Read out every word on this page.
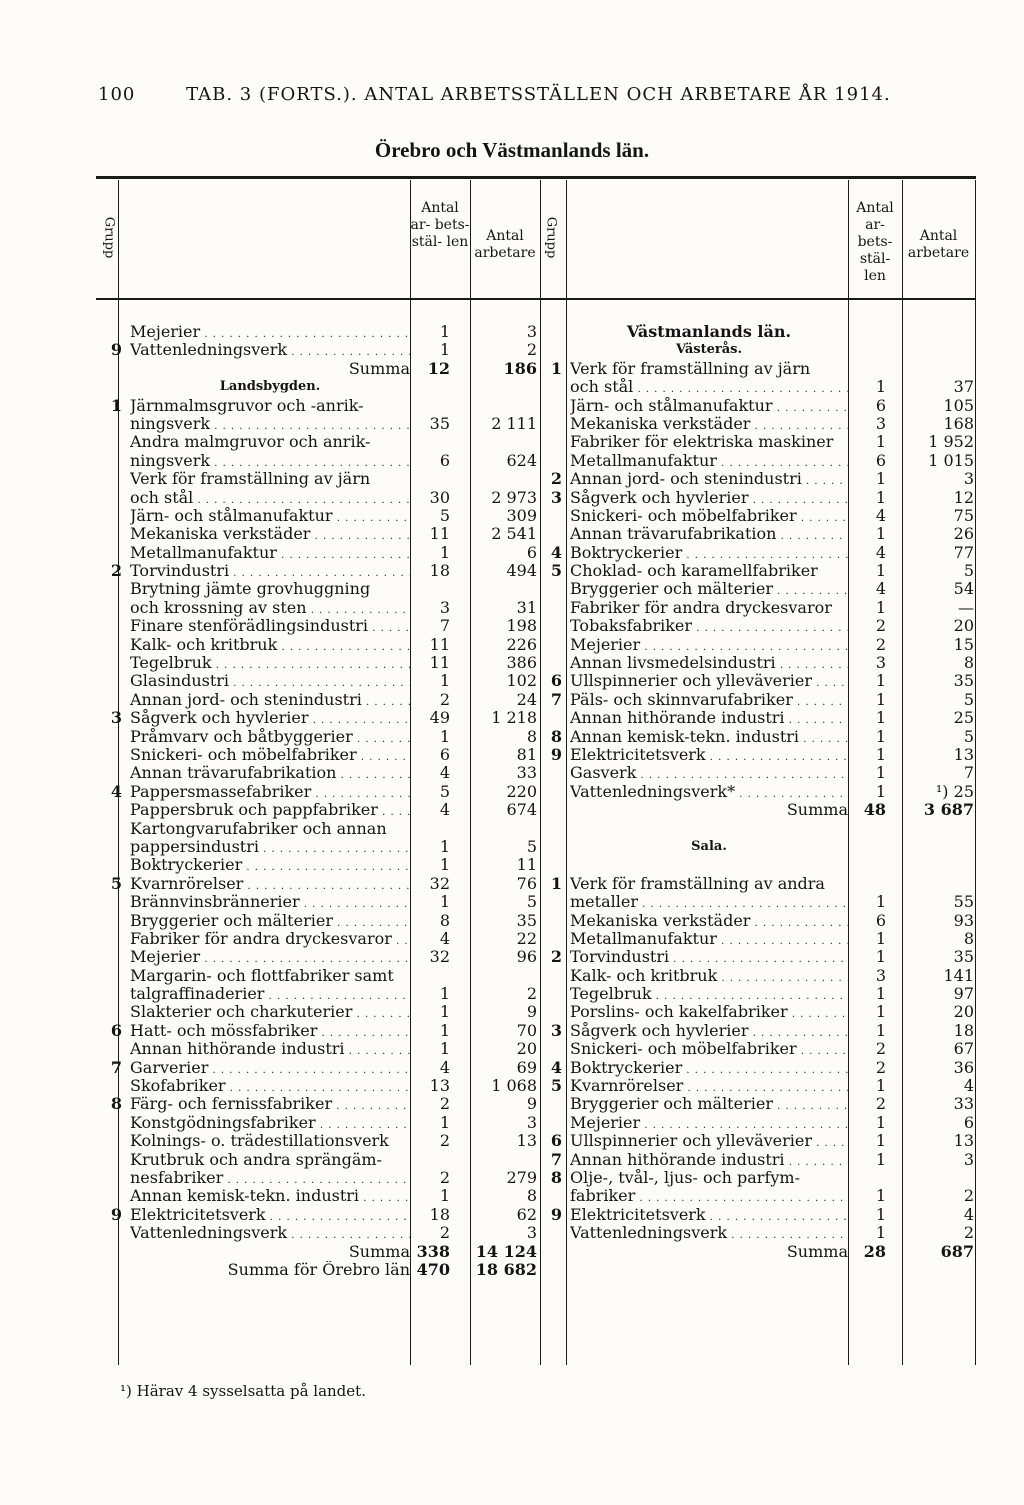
100	TAB. 3 (FORTS.). ANTAL ARBETSSTÄLLEN OCH ARBETARE ÅR 1914.
Örebro och Västmanlands län.
Grupp
Antal ar- bets- stäl- len	Antal arbetare Grupp
Antal ar- bets- stäl- len
Antal arbetare
Mejerier . . .	1	3
9 Vattenledningsverk . . .	1	2
Summa	12	186
Landsbygden.
1 Järnmalmsgruvor och -anrik-
ningsverk . . .	35	2 111
Andra malmgruvor och anrik-
ningsverk . . .	6	624
Verk för framställning av järn
och stål . . .	30	2 973
Järn- och stålmanufaktur . . .	5	309
Mekaniska verkstäder . . .	11	2 541
Metallmanufaktur . . .	1	6
2 Torvindustri . . .	18	494
Brytning jämte grovhuggning
och krossning av sten . . .	3	31
Finare stenförädlingsindustri . . .	7	198
Kalk- och kritbruk . . .	11	226
Tegelbruk . . .	11	386
Glasindustri . . .	1	102
Annan jord- och stenindustri . . .	2	24
3 Sågverk och hyvlerier . . .	49	1 218
Pråmvarv och båtbyggerier . . .	1	8
Snickeri- och möbelfabriker . . .	6	81
Annan trävarufabrikation . . .	4	33
4 Pappersmassefabriker . . .	5	220
Pappersbruk och pappfabriker . . .	4	674
Kartongvarufabriker och annan
pappersindustri . . .	1	5
Boktryckerier . . .	1	11
5 Kvarnrörelser . . .	32	76
Brännvinsbrännerier . . .	1	5
Bryggerier och mälterier . . .	8	35
Fabriker för andra dryckesvaror . . .	4	22
Mejerier . . .	32	96
Margarin- och flottfabriker samt
talgraffinaderier . . .	1	2
Slakterier och charkuterier . . .	1	9
6 Hatt- och mössfabriker . . .	1	70
Annan hithörande industri . . .	1	20
7 Garverier . . .	4	69
Skofabriker . . .	13	1 068
8 Färg- och fernissfabriker . . .	2	9
Konstgödningsfabriker . . .	1	3
Kolnings- o. trädestillationsverk	2	13
Krutbruk och andra sprängäm-
nesfabriker . . .	2	279
Annan kemisk-tekn. industri . . .	1	8
9 Elektricitetsverk . . .	18	62
Vattenledningsverk . . .	2	3
Summa 338	14 124
Summa för Örebro län 470	18 682
Västmanlands län.
Västerås.
1 Verk för framställning av järn
och stål . . .	1	37
Järn- och stålmanufaktur . . .	6	105
Mekaniska verkstäder . . .	3	168
Fabriker för elektriska maskiner	1	1 952
Metallmanufaktur . . .	6	1 015
2 Annan jord- och stenindustri . . .	1	3
3 Sågverk och hyvlerier . . .	1	12
Snickeri- och möbelfabriker . . .	4	75
Annan trävarufabrikation . . .	1	26
4 Boktryckerier . . .	4	77
5 Choklad- och karamellfabriker	1	5
Bryggerier och mälterier . . .	4	54
Fabriker för andra dryckesvaror	1	—
Tobaksfabriker . . .	2	20
Mejerier . . .	2	15
Annan livsmedelsindustri . . .	3	8
6 Ullspinnerier och ylleväverier . . .	1	35
7 Päls- och skinnvarufabriker . . .	1	5
Annan hithörande industri . . .	1	25
8 Annan kemisk-tekn. industri . . .	1	5
9 Elektricitetsverk . . .	1	13
Gasverk . . .	1	7
Vattenledningsverk* . . .	1	¹) 25
Summa 48	3 687
Sala.
1 Verk för framställning av andra
metaller . . .	1	55
Mekaniska verkstäder . . .	6	93
Metallmanufaktur . . .	1	8
2 Torvindustri . . .	1	35
Kalk- och kritbruk . . .	3	141
Tegelbruk . . .	1	97
Porslins- och kakelfabriker . . .	1	20
3 Sågverk och hyvlerier . . .	1	18
Snickeri- och möbelfabriker . . .	2	67
4 Boktryckerier . . .	2	36
5 Kvarnrörelser . . .	1	4
Bryggerier och mälterier . . .	2	33
Mejerier . . .	1	6
6 Ullspinnerier och ylleväverier . . .	1	13
7 Annan hithörande industri . . .	1	3
8 Olje-, tvål-, ljus- och parfym-
fabriker . . .	1	2
9 Elektricitetsverk . . .	1	4
Vattenledningsverk . . .	1	2
Summa 28	687
¹) Härav 4 sysselsatta på landet.
